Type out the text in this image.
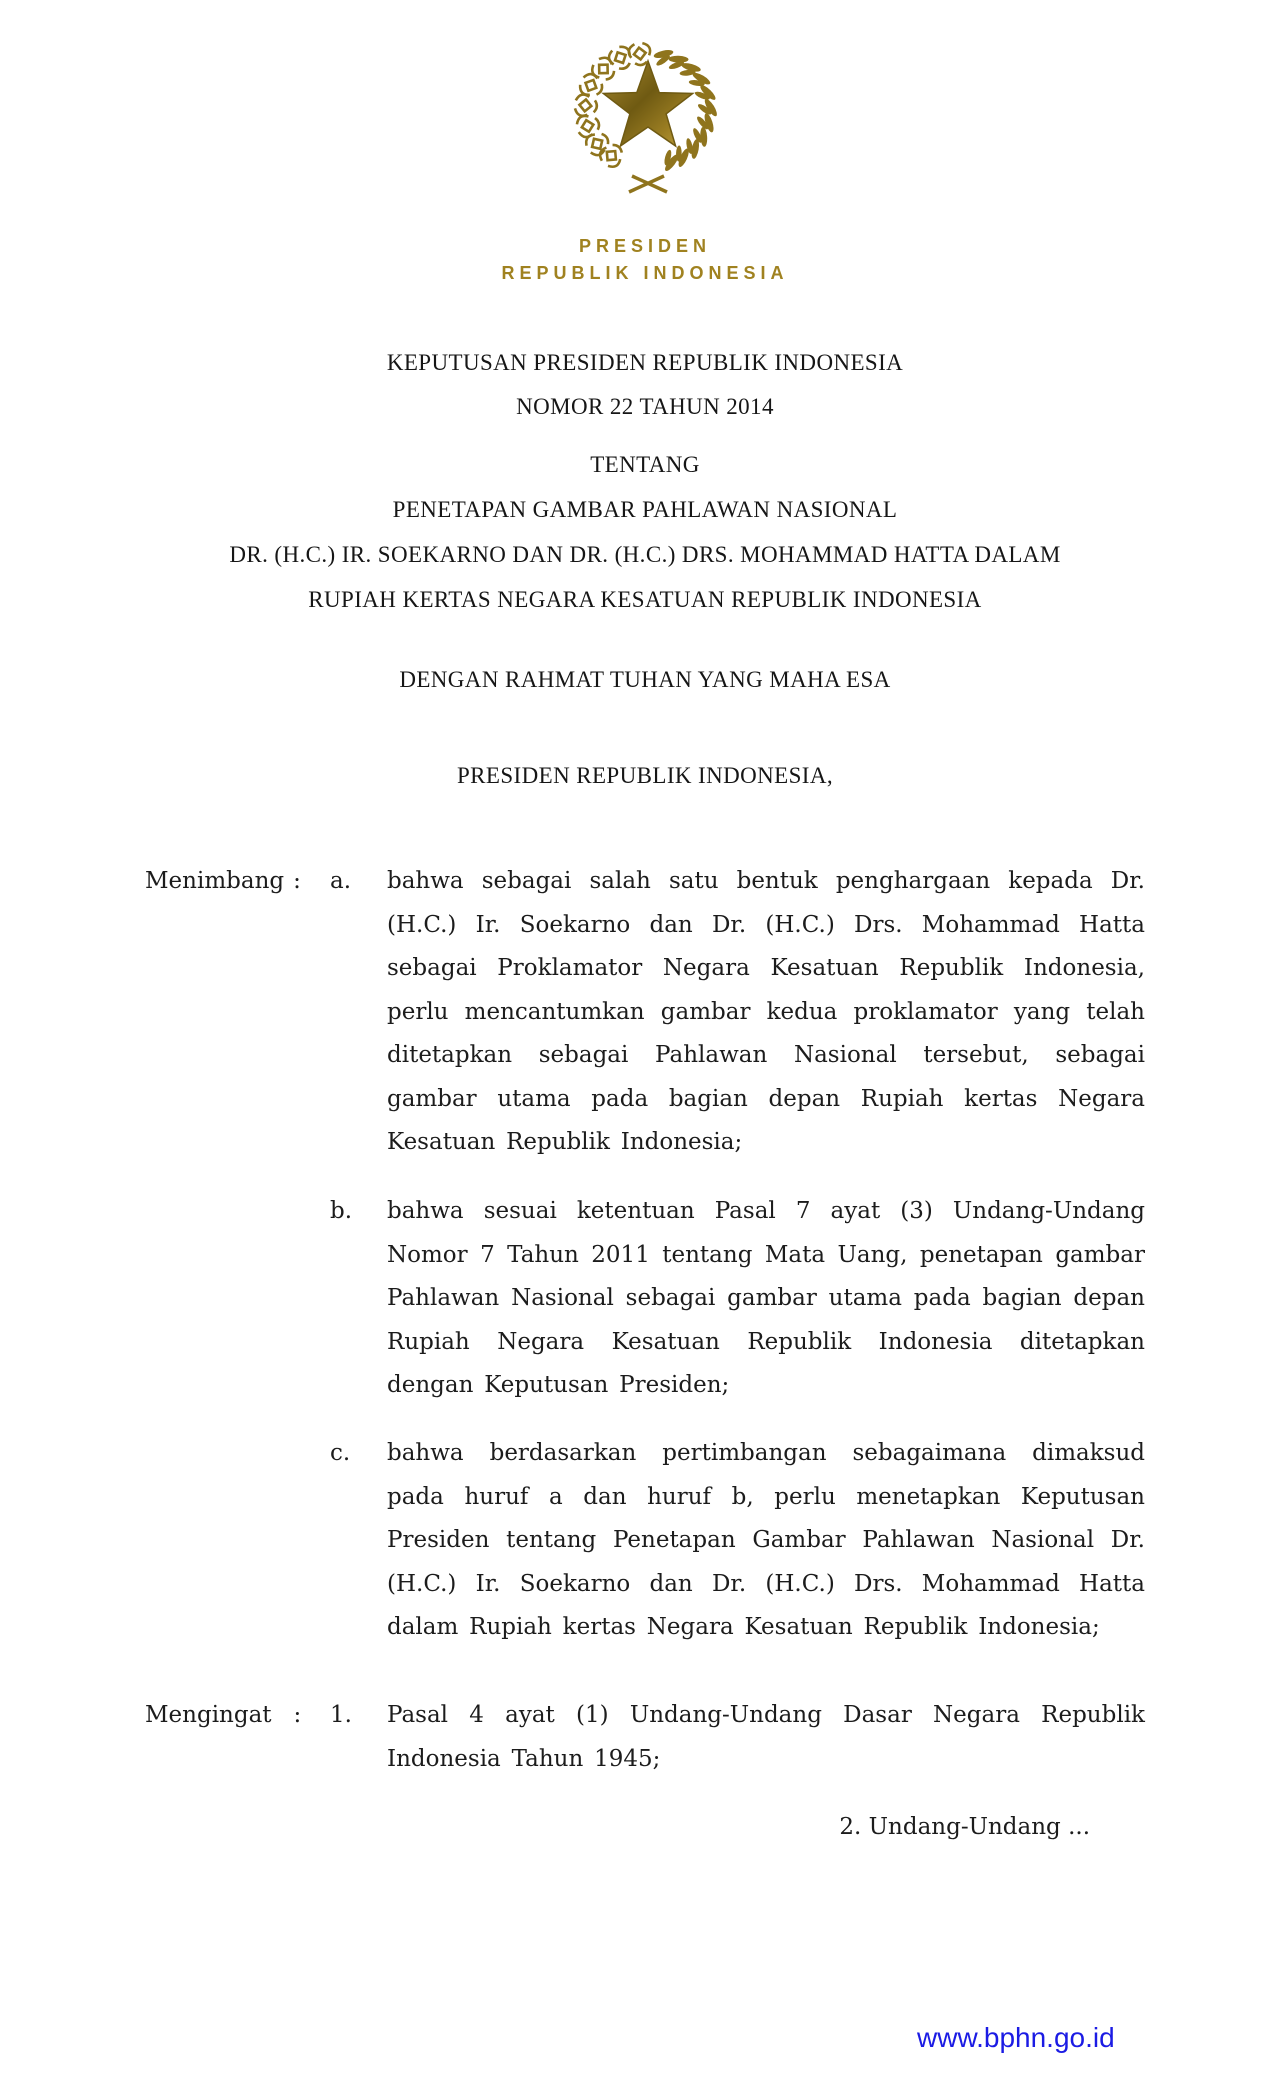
PRESIDEN
REPUBLIK INDONESIA
KEPUTUSAN PRESIDEN REPUBLIK INDONESIA
NOMOR 22 TAHUN 2014
TENTANG
PENETAPAN GAMBAR PAHLAWAN NASIONAL
DR. (H.C.) IR. SOEKARNO DAN DR. (H.C.) DRS. MOHAMMAD HATTA DALAM
RUPIAH KERTAS NEGARA KESATUAN REPUBLIK INDONESIA
DENGAN RAHMAT TUHAN YANG MAHA ESA
PRESIDEN REPUBLIK INDONESIA,
Menimbang : a.	bahwa sebagai salah satu bentuk penghargaan kepada Dr. (H.C.) Ir. Soekarno dan Dr. (H.C.) Drs. Mohammad Hatta sebagai Proklamator Negara Kesatuan Republik Indonesia, perlu mencantumkan gambar kedua proklamator yang telah ditetapkan sebagai Pahlawan Nasional tersebut, sebagai gambar utama pada bagian depan Rupiah kertas Negara Kesatuan Republik Indonesia;
b.	bahwa sesuai ketentuan Pasal 7 ayat (3) Undang-Undang Nomor 7 Tahun 2011 tentang Mata Uang, penetapan gambar Pahlawan Nasional sebagai gambar utama pada bagian depan Rupiah Negara Kesatuan Republik Indonesia ditetapkan dengan Keputusan Presiden;
c.	bahwa berdasarkan pertimbangan sebagaimana dimaksud pada huruf a dan huruf b, perlu menetapkan Keputusan Presiden tentang Penetapan Gambar Pahlawan Nasional Dr. (H.C.) Ir. Soekarno dan Dr. (H.C.) Drs. Mohammad Hatta dalam Rupiah kertas Negara Kesatuan Republik Indonesia;
Mengingat : 1.	Pasal 4 ayat (1) Undang-Undang Dasar Negara Republik Indonesia Tahun 1945;
2. Undang-Undang ...
www.bphn.go.id
